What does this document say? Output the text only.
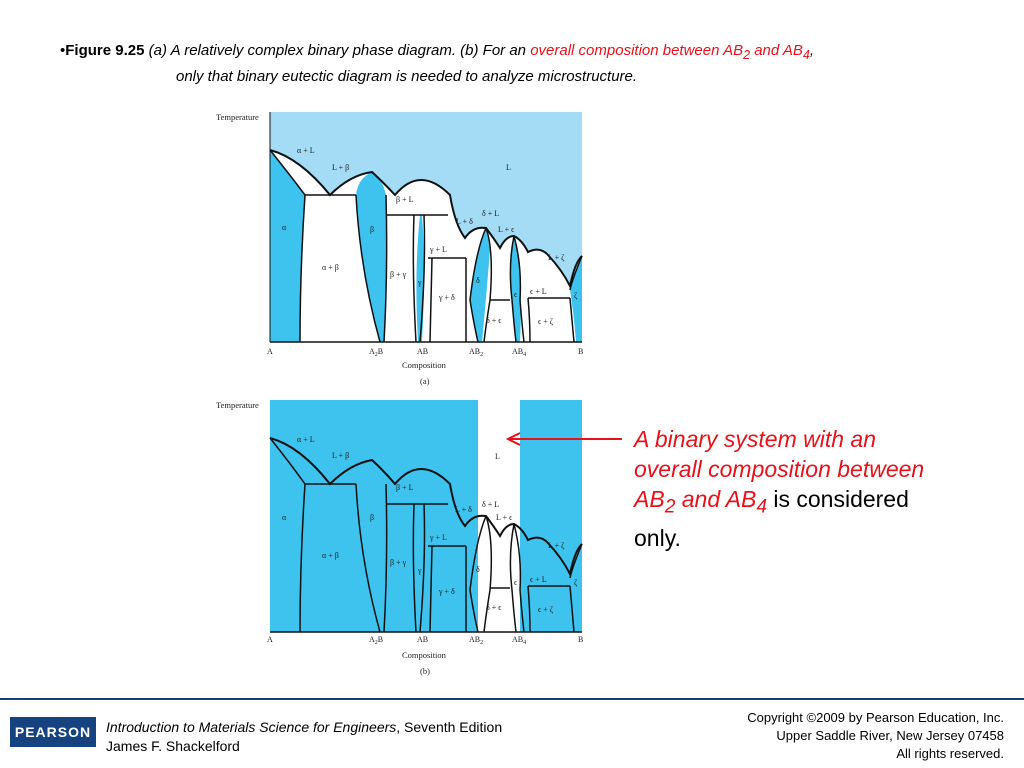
•Figure 9.25 (a) A relatively complex binary phase diagram. (b) For an overall composition between $AB_2$ and $AB_4$,
only that binary eutectic diagram is needed to analyze microstructure.
Temperature
Composition
(a)
A	$A_2B$	AB	$AB_2$	$AB_4$	B
α + L
L + β	L
β + L
α	β
α + β
β + γ
γ
γ + L
γ + δ
L + δ
δ + L
δ
L + ϵ
ϵ
δ + ϵ
ϵ + L
L + ζ
ζ
ϵ + ζ
Temperature
Composition
(b)
A	$A_2B$	AB	$AB_2$	$AB_4$	B
α + L
L + β	L
β + L
α	β
α + β
β + γ
γ
γ + L
γ + δ
L + δ
δ + L
δ
L + ϵ
ϵ
δ + ϵ
ϵ + L
L + ζ
ζ
ϵ + ζ
A binary system with an overall composition between $AB_2$ and $AB_4$ is considered only.
PEARSON	Introduction to Materials Science for Engineers, Seventh Edition
James F. Shackelford
Copyright ©2009 by Pearson Education, Inc.
Upper Saddle River, New Jersey 07458
All rights reserved.
